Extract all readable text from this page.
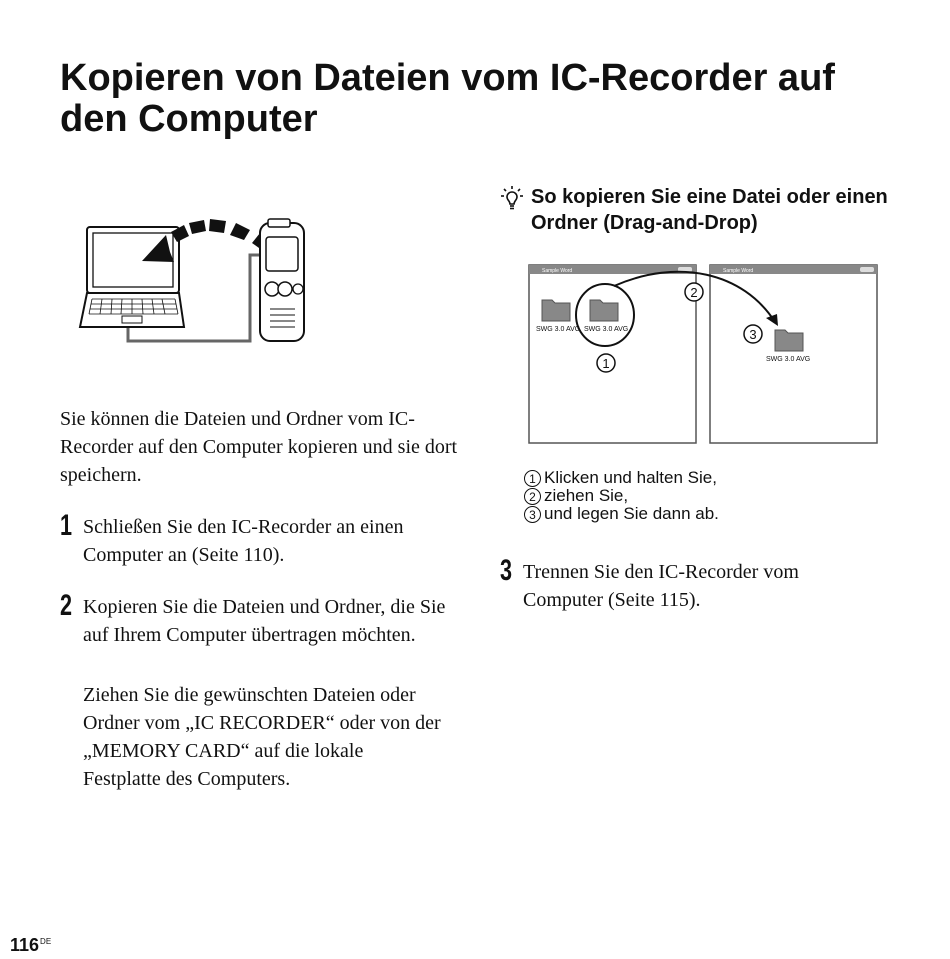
Kopieren von Dateien vom IC-Recorder auf den Computer

Sie können die Dateien und Ordner vom IC-Recorder auf den Computer kopieren und sie dort speichern.

1 Schließen Sie den IC-Recorder an einen Computer an (Seite 110).

2 Kopieren Sie die Dateien und Ordner, die Sie auf Ihrem Computer übertragen möchten.

Ziehen Sie die gewünschten Dateien oder Ordner vom „IC RECORDER“ oder von der „MEMORY CARD“ auf die lokale Festplatte des Computers.

So kopieren Sie eine Datei oder einen Ordner (Drag-and-Drop)
Sample Word	Sample Word
SWG 3.0 AVG SWG 3.0 AVG
SWG 3.0 AVG
1
2
3
1 Klicken und halten Sie,
2 ziehen Sie,
3 und legen Sie dann ab.
3 Trennen Sie den IC-Recorder vom Computer (Seite 115).

116DE
